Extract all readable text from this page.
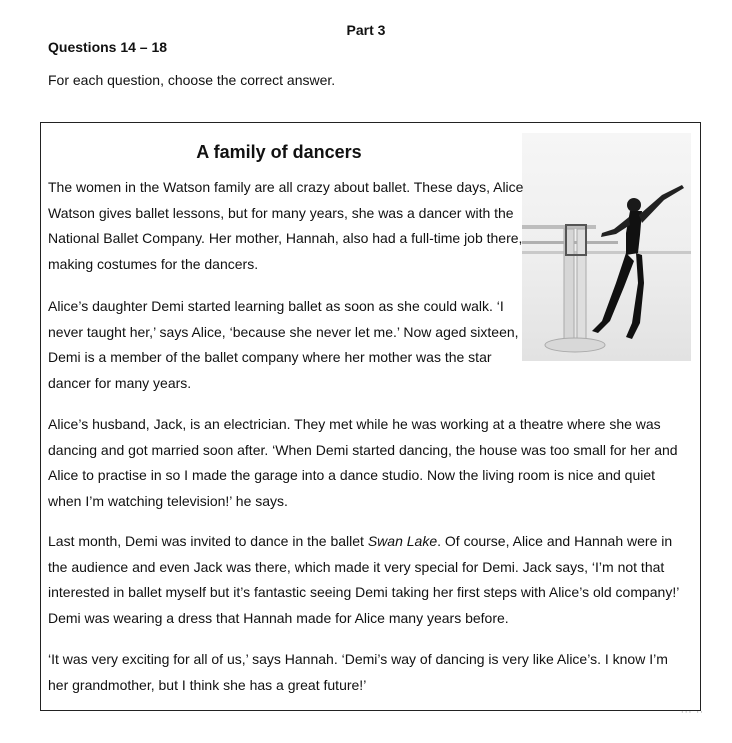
Part 3
Questions 14 – 18
For each question, choose the correct answer.
A family of dancers

The women in the Watson family are all crazy about ballet. These days, Alice Watson gives ballet lessons, but for many years, she was a dancer with the National Ballet Company. Her mother, Hannah, also had a full-time job there, making costumes for the dancers.

Alice’s daughter Demi started learning ballet as soon as she could walk. ‘I never taught her,’ says Alice, ‘because she never let me.’ Now aged sixteen, Demi is a member of the ballet company where her mother was the star dancer for many years.

Alice’s husband, Jack, is an electrician. They met while he was working at a theatre where she was dancing and got married soon after. ‘When Demi started dancing, the house was too small for her and Alice to practise in so I made the garage into a dance studio. Now the living room is nice and quiet when I’m watching television!’ he says.

Last month, Demi was invited to dance in the ballet Swan Lake. Of course, Alice and Hannah were in the audience and even Jack was there, which made it very special for Demi. Jack says, ‘I’m not that interested in ballet myself but it’s fantastic seeing Demi taking her first steps with Alice’s old company!’ Demi was wearing a dress that Hannah made for Alice many years before.

‘It was very exciting for all of us,’ says Hannah. ‘Demi’s way of dancing is very like Alice’s. I know I’m her grandmother, but I think she has a great future!’

··· ··
